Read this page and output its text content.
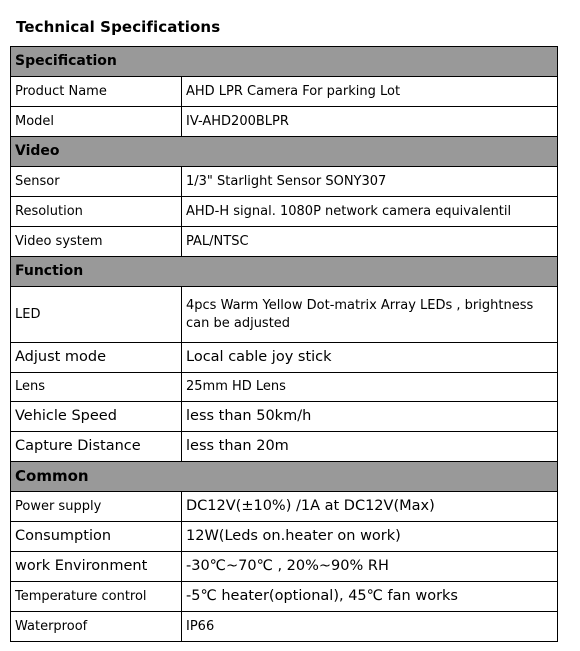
Technical Specifications
Specification	
Product Name	AHD LPR Camera For parking Lot
Model	IV-AHD200BLPR
Video	
Sensor	1/3" Starlight Sensor SONY307
Resolution	AHD-H signal. 1080P network camera equivalentil
Video system	PAL/NTSC
Function	
LED	4pcs Warm Yellow Dot-matrix Array LEDs , brightness can be adjusted
Adjust mode	Local cable joy stick
Lens	25mm HD Lens
Vehicle Speed	less than 50km/h
Capture Distance	less than 20m
Common	
Power supply	DC12V(±10%) /1A at DC12V(Max)
Consumption	12W(Leds on.heater on work)
work Environment	-30℃~70℃ , 20%~90% RH
Temperature control	-5℃ heater(optional), 45℃ fan works
Waterproof	IP66
